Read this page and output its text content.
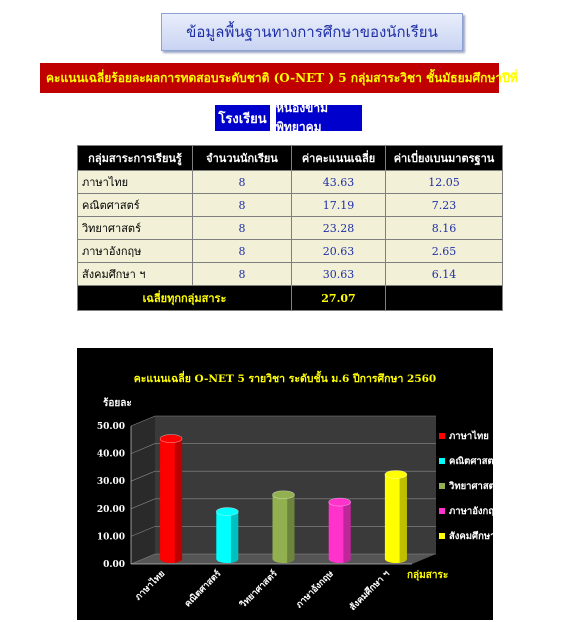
ข้อมูลพื้นฐานทางการศึกษาของนักเรียน
คะแนนเฉลี่ยร้อยละผลการทดสอบระดับชาติ (O-NET ) 5 กลุ่มสาระวิชา ชั้นมัธยมศึกษาปีที่
โรงเรียน
หนองขามพิทยาคม
กลุ่มสาระการเรียนรู้	จำนวนนักเรียน	ค่าคะแนนเฉลี่ย	ค่าเบี่ยงเบนมาตรฐาน
ภาษาไทย	8	43.63	12.05
คณิตศาสตร์	8	17.19	7.23
วิทยาศาสตร์	8	23.28	8.16
ภาษาอังกฤษ	8	20.63	2.65
สังคมศึกษา ฯ	8	30.63	6.14
เฉลี่ยทุกกลุ่มสาระ		27.07	
คะแนนเฉลี่ย O-NET 5 รายวิชา ระดับชั้น ม.6 ปีการศึกษา 2560
ร้อยละ
0.00
10.00
20.00
30.00
40.00
50.00
ภาษาไทย คณิตศาสตร์ วิทยาศาสตร์ ภาษาอังกฤษ สังคมศึกษา ฯ กลุ่มสาระ
ภาษาไทย
คณิตศาสตร์
วิทยาศาสตร์
ภาษาอังกฤษ
สังคมศึกษา ฯ
